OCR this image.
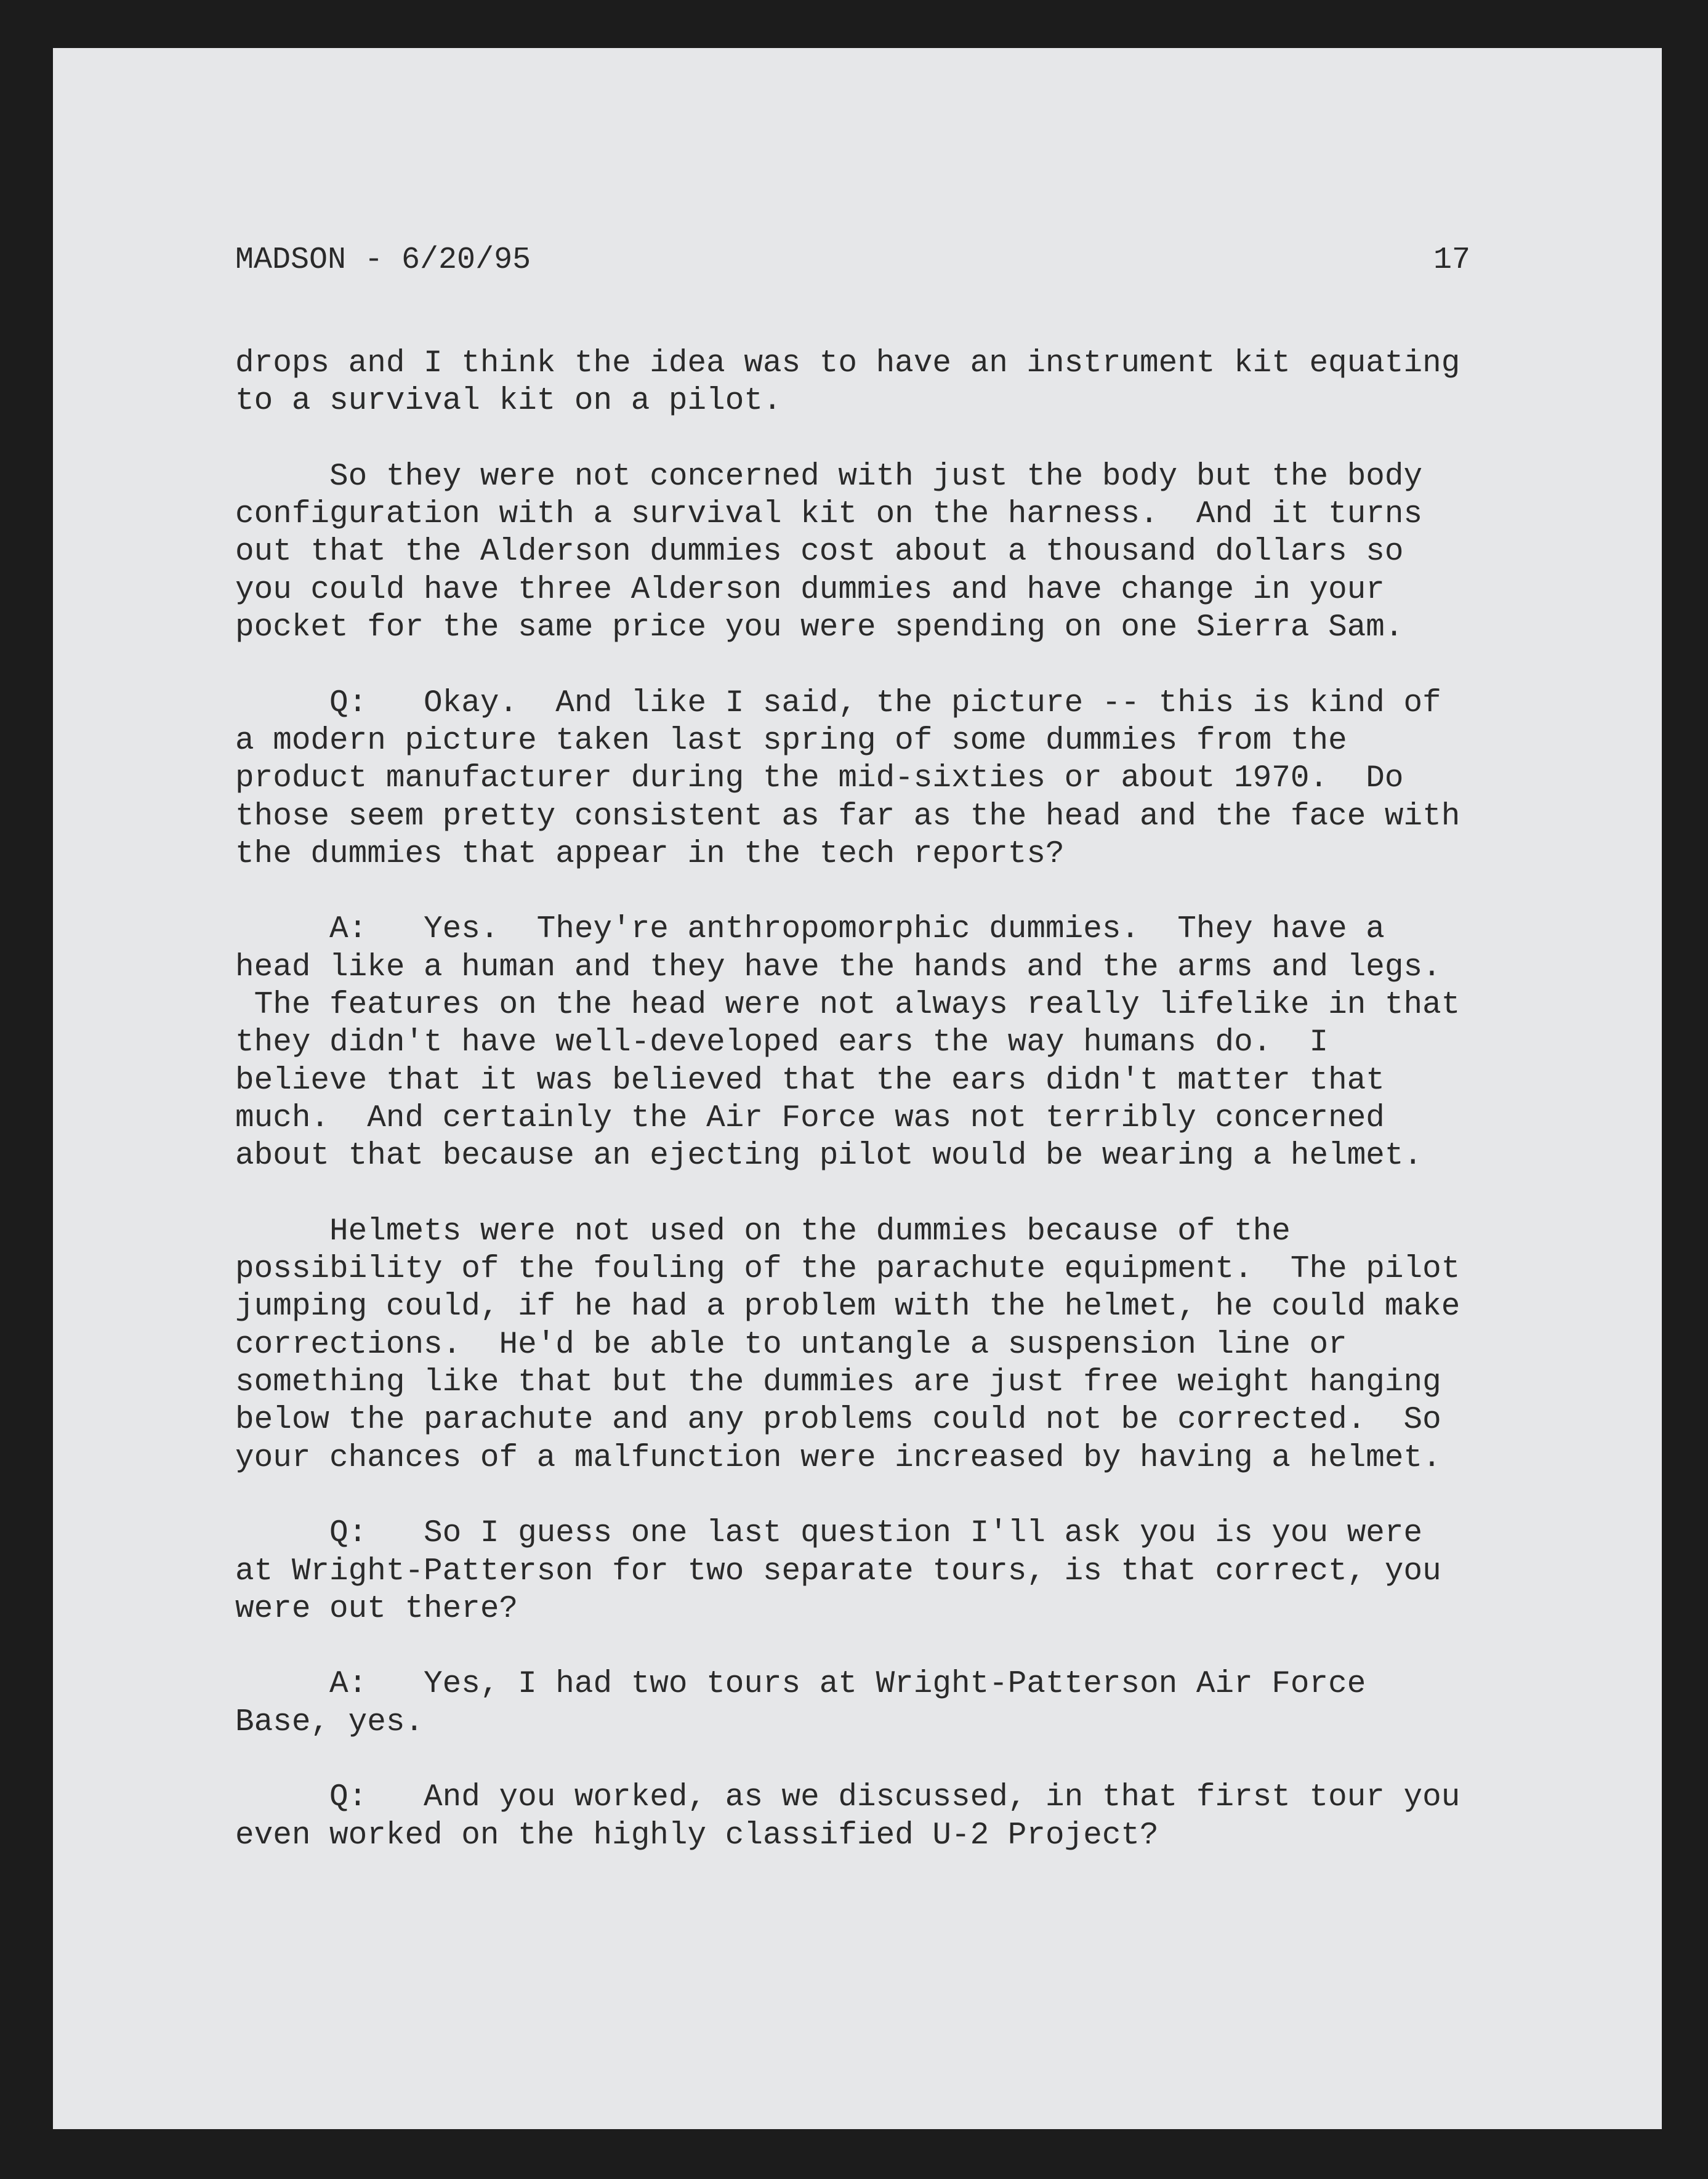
MADSON - 6/20/95

	17

drops and I think the idea was to have an instrument kit equating
to a survival kit on a pilot.
So they were not concerned with just the body but the body
configuration with a survival kit on the harness.  And it turns
out that the Alderson dummies cost about a thousand dollars so
you could have three Alderson dummies and have change in your
pocket for the same price you were spending on one Sierra Sam.
Q:   Okay.  And like I said, the picture -- this is kind of
a modern picture taken last spring of some dummies from the
product manufacturer during the mid-sixties or about 1970.  Do
those seem pretty consistent as far as the head and the face with
the dummies that appear in the tech reports?
A:   Yes.  They're anthropomorphic dummies.  They have a
head like a human and they have the hands and the arms and legs.
The features on the head were not always really lifelike in that
they didn't have well-developed ears the way humans do.  I
believe that it was believed that the ears didn't matter that
much.  And certainly the Air Force was not terribly concerned
about that because an ejecting pilot would be wearing a helmet.
Helmets were not used on the dummies because of the
possibility of the fouling of the parachute equipment.  The pilot
jumping could, if he had a problem with the helmet, he could make
corrections.  He'd be able to untangle a suspension line or
something like that but the dummies are just free weight hanging
below the parachute and any problems could not be corrected.  So
your chances of a malfunction were increased by having a helmet.
Q:   So I guess one last question I'll ask you is you were
at Wright-Patterson for two separate tours, is that correct, you
were out there?
A:   Yes, I had two tours at Wright-Patterson Air Force
Base, yes.
Q:   And you worked, as we discussed, in that first tour you
even worked on the highly classified U-2 Project?
